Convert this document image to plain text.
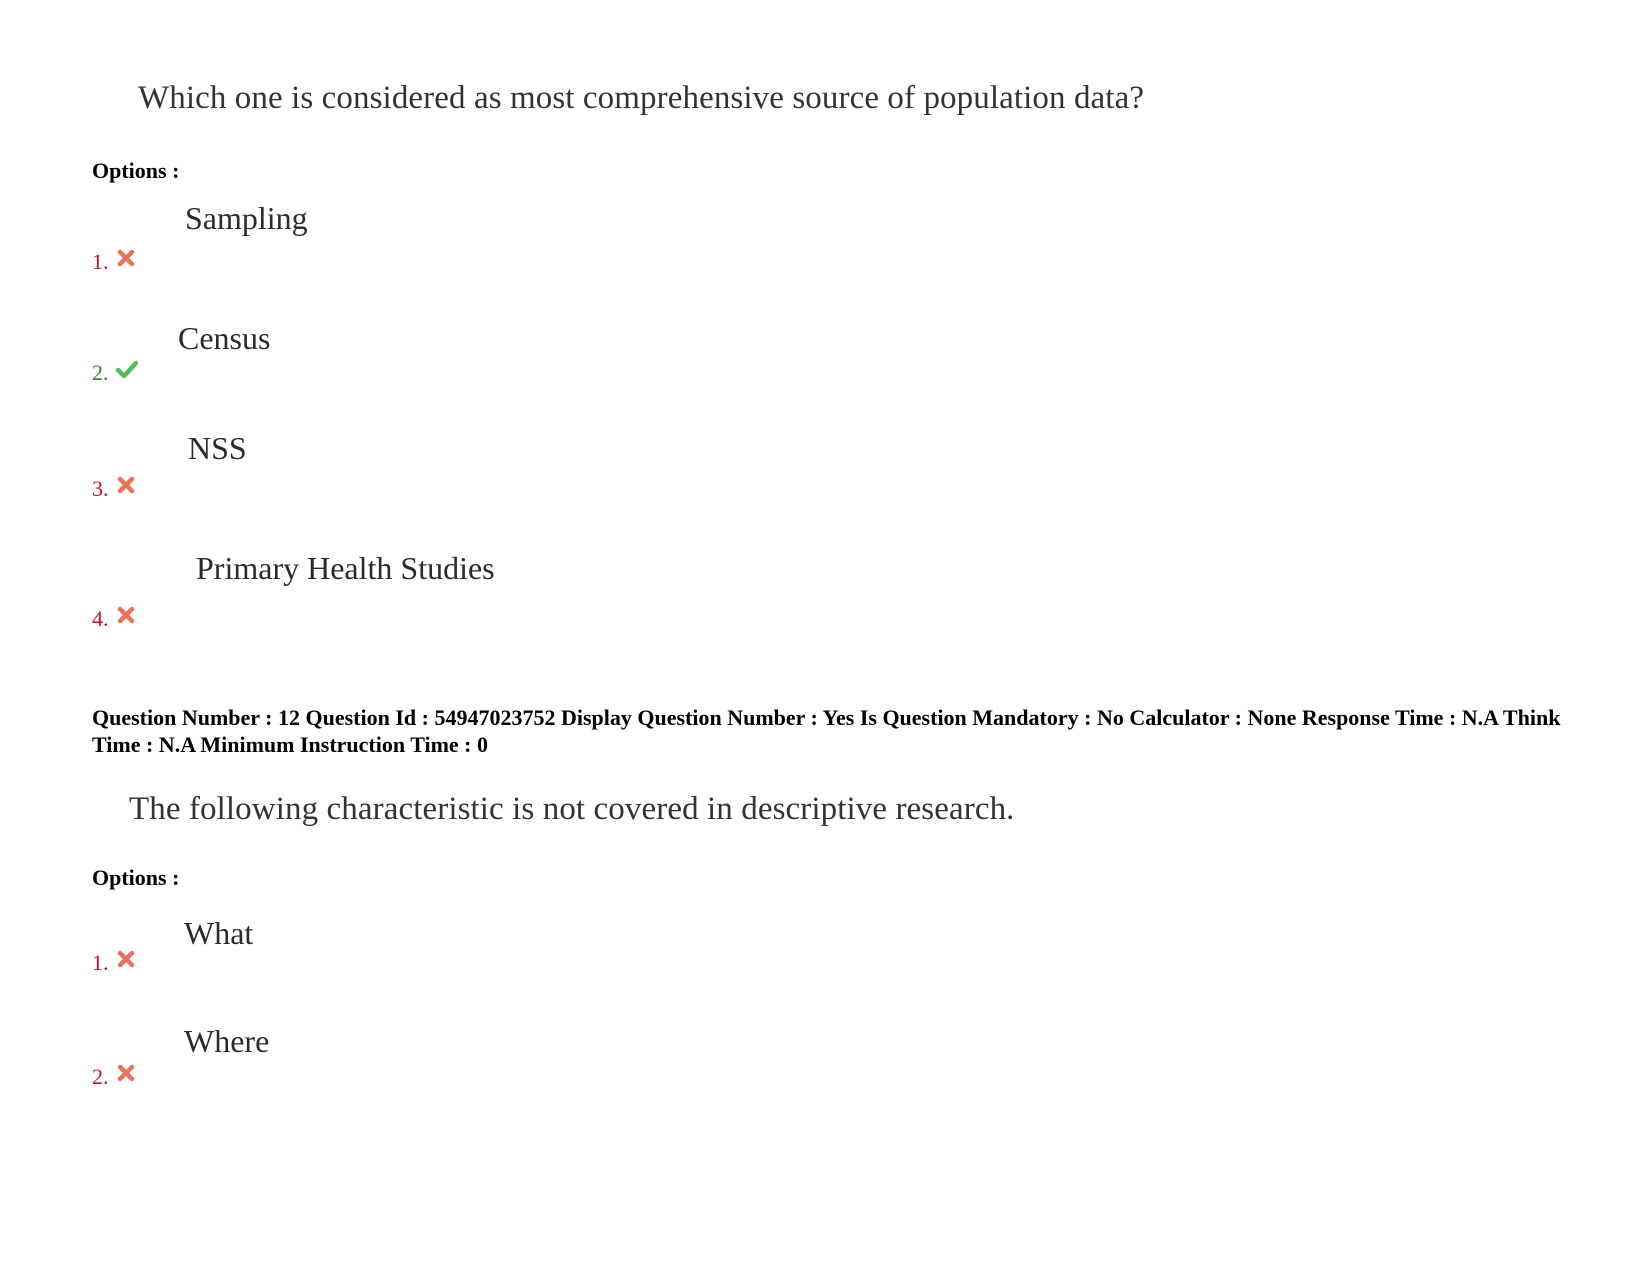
Which one is considered as most comprehensive source of population data?
Options :
Sampling
1.
Census
2.
NSS
3.
Primary Health Studies
4.
Question Number : 12 Question Id : 54947023752 Display Question Number : Yes Is Question Mandatory : No Calculator : None Response Time : N.A Think Time : N.A Minimum Instruction Time : 0
The following characteristic is not covered in descriptive research.
Options :
What
1.
Where
2.
